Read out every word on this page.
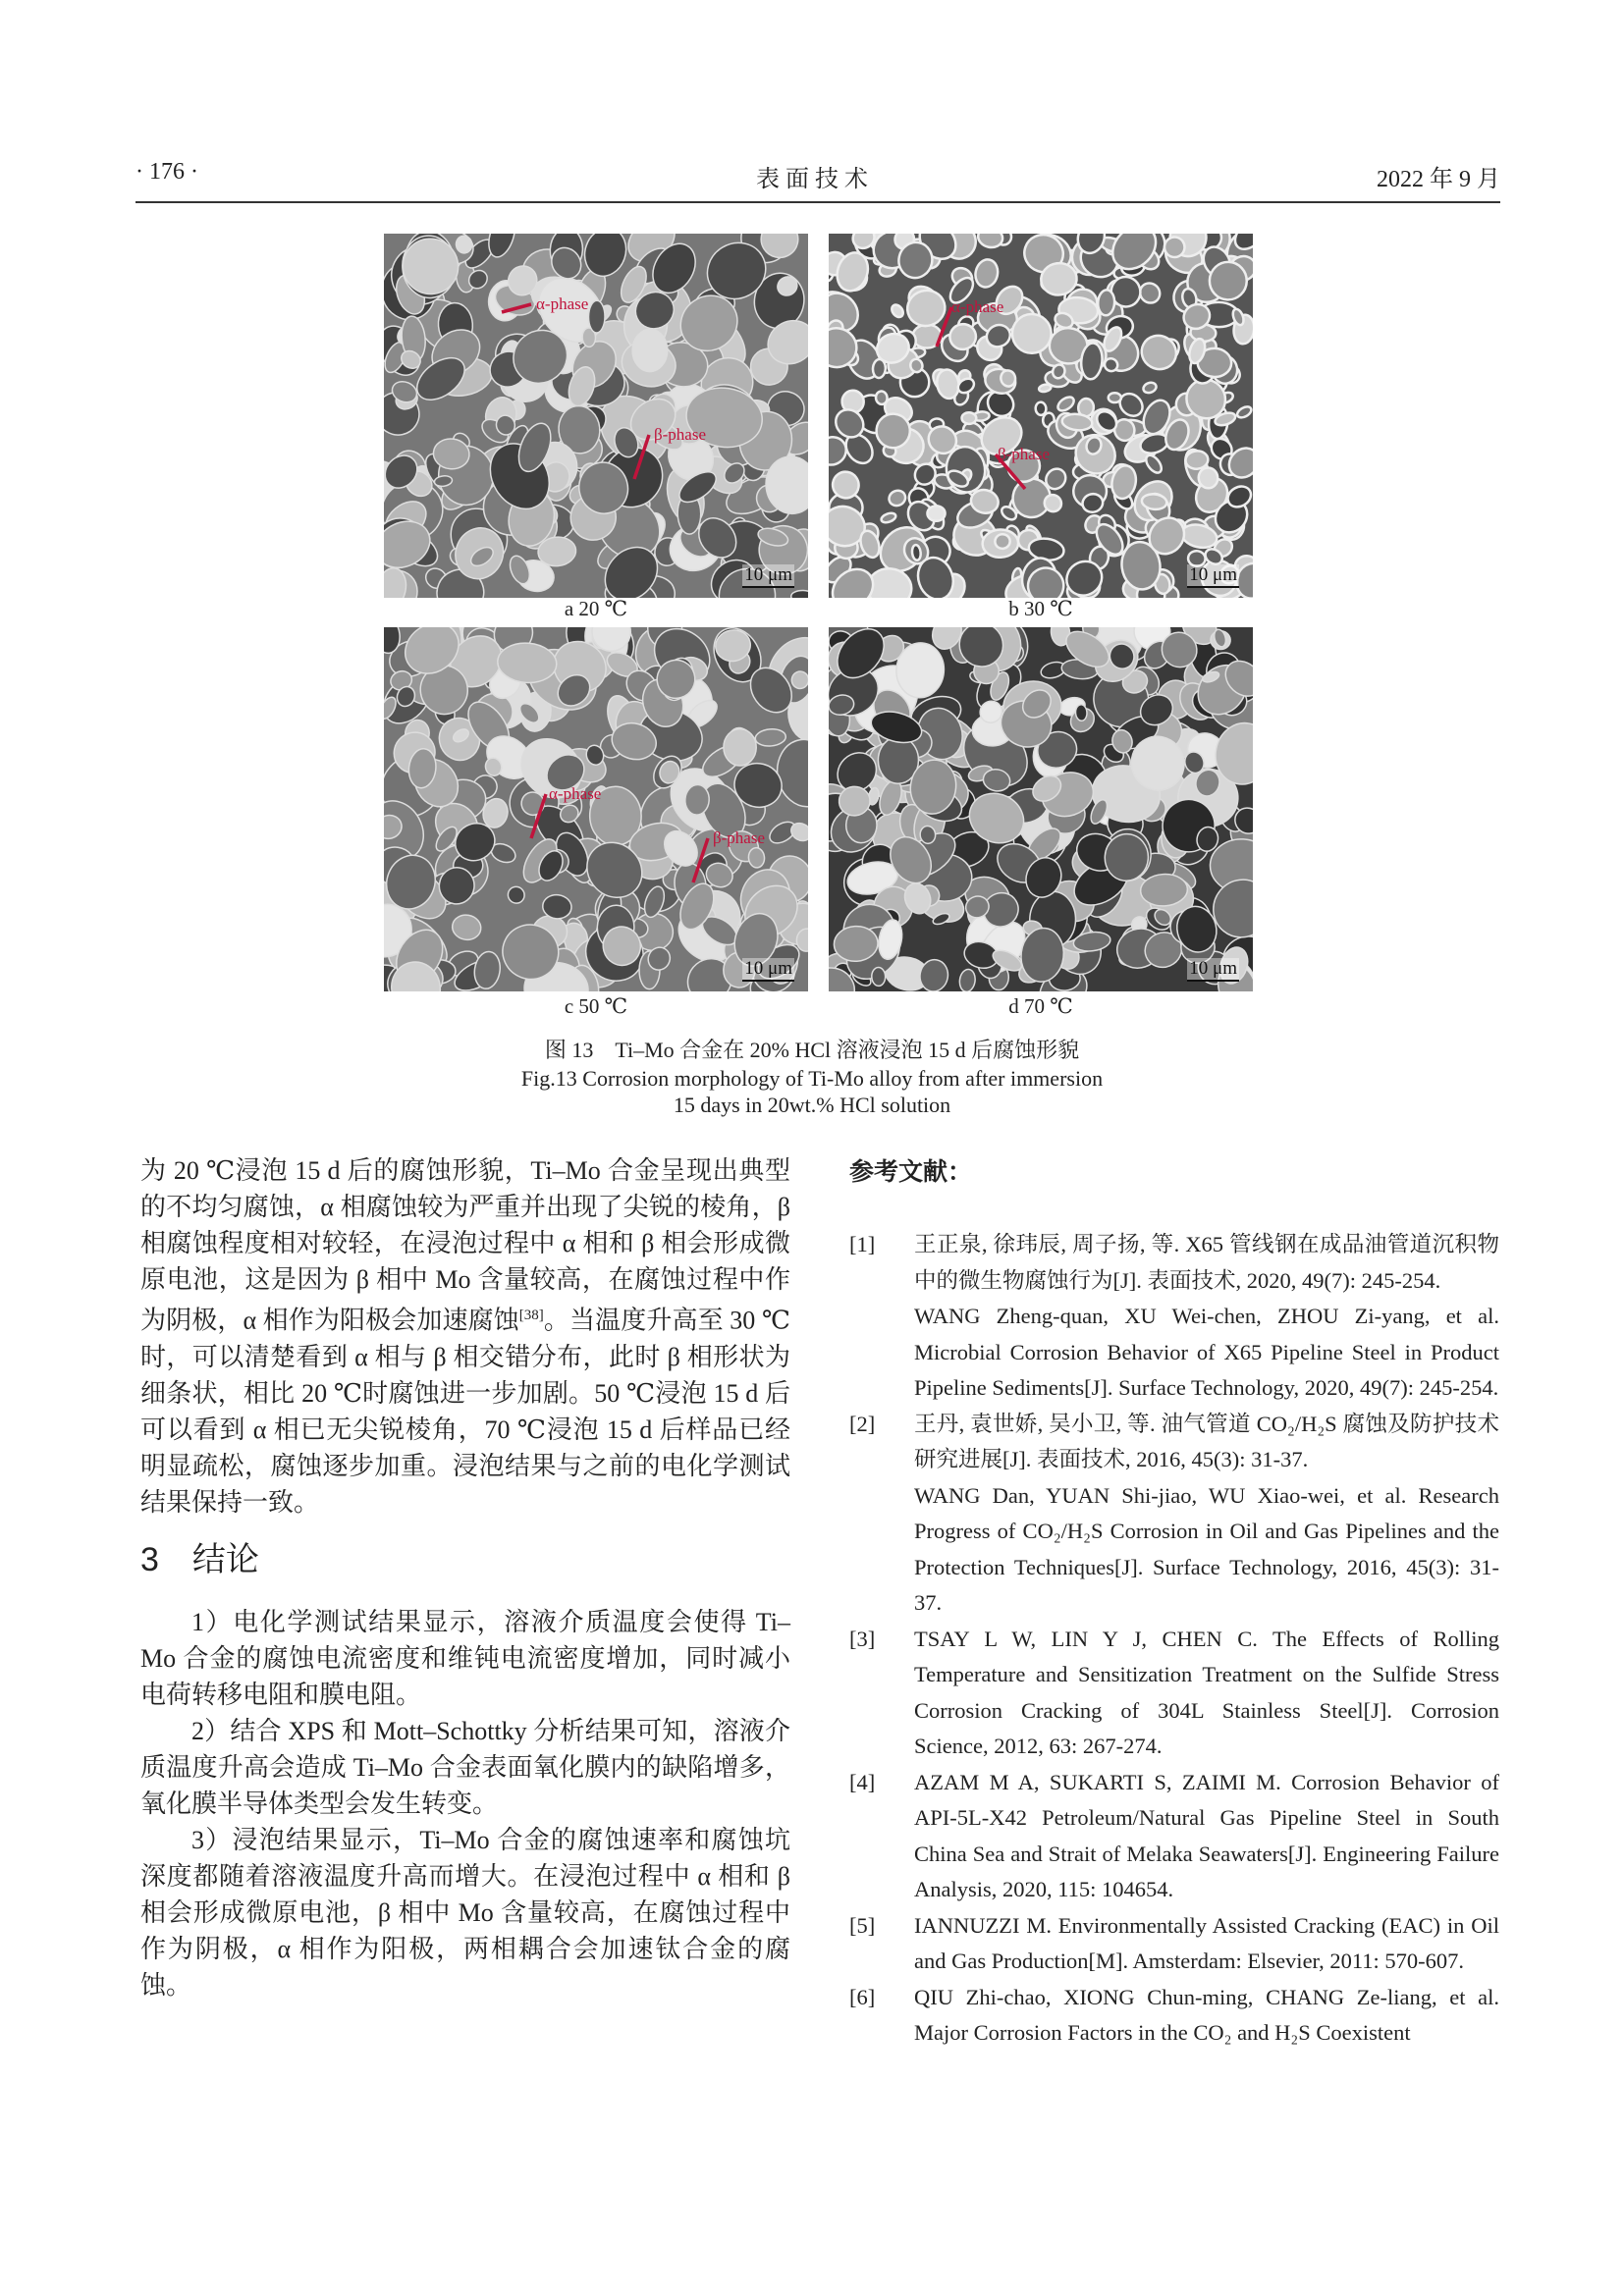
· 176 ·	表 面 技 术	2022 年 9 月
α-phase
β-phase
10 μm
α-phase
β-phase
10 μm
α-phase
β-phase
10 μm	10 μm
a 20 ℃	b 30 ℃
c 50 ℃	d 70 ℃
图 13　Ti–Mo 合金在 20% HCl 溶液浸泡 15 d 后腐蚀形貌
Fig.13 Corrosion morphology of Ti-Mo alloy from after immersion
15 days in 20wt.% HCl solution

为 20 ℃浸泡 15 d 后的腐蚀形貌，Ti–Mo 合金呈现出典型的不均匀腐蚀，α 相腐蚀较为严重并出现了尖锐的棱角，β 相腐蚀程度相对较轻，在浸泡过程中 α 相和 β 相会形成微原电池，这是因为 β 相中 Mo 含量较高，在腐蚀过程中作为阴极，α 相作为阳极会加速腐蚀[38]。当温度升高至 30 ℃时，可以清楚看到 α 相与 β 相交错分布，此时 β 相形状为细条状，相比 20 ℃时腐蚀进一步加剧。50 ℃浸泡 15 d 后可以看到 α 相已无尖锐棱角，70 ℃浸泡 15 d 后样品已经明显疏松，腐蚀逐步加重。浸泡结果与之前的电化学测试结果保持一致。

3　结论

1）电化学测试结果显示，溶液介质温度会使得 Ti–Mo 合金的腐蚀电流密度和维钝电流密度增加，同时减小电荷转移电阻和膜电阻。

2）结合 XPS 和 Mott–Schottky 分析结果可知，溶液介质温度升高会造成 Ti–Mo 合金表面氧化膜内的缺陷增多，氧化膜半导体类型会发生转变。

3）浸泡结果显示，Ti–Mo 合金的腐蚀速率和腐蚀坑深度都随着溶液温度升高而增大。在浸泡过程中 α 相和 β 相会形成微原电池，β 相中 Mo 含量较高，在腐蚀过程中作为阴极，α 相作为阳极，两相耦合会加速钛合金的腐蚀。

参考文献：
[1] 王正泉, 徐玮辰, 周子扬, 等. X65 管线钢在成品油管道沉积物中的微生物腐蚀行为[J]. 表面技术, 2020, 49(7): 245-254.
WANG Zheng-quan, XU Wei-chen, ZHOU Zi-yang, et al. Microbial Corrosion Behavior of X65 Pipeline Steel in Product Pipeline Sediments[J]. Surface Technology, 2020, 49(7): 245-254.
[2] 王丹, 袁世娇, 吴小卫, 等. 油气管道 CO₂/H₂S 腐蚀及防护技术研究进展[J]. 表面技术, 2016, 45(3): 31-37.
WANG Dan, YUAN Shi-jiao, WU Xiao-wei, et al. Research Progress of CO₂/H₂S Corrosion in Oil and Gas Pipelines and the Protection Techniques[J]. Surface Technology, 2016, 45(3): 31-37.
[3] TSAY L W, LIN Y J, CHEN C. The Effects of Rolling Temperature and Sensitization Treatment on the Sulfide Stress Corrosion Cracking of 304L Stainless Steel[J]. Corrosion Science, 2012, 63: 267-274.
[4] AZAM M A, SUKARTI S, ZAIMI M. Corrosion Behavior of API-5L-X42 Petroleum/Natural Gas Pipeline Steel in South China Sea and Strait of Melaka Seawaters[J]. Engineering Failure Analysis, 2020, 115: 104654.
[5] IANNUZZI M. Environmentally Assisted Cracking (EAC) in Oil and Gas Production[M]. Amsterdam: Elsevier, 2011: 570-607.
[6] QIU Zhi-chao, XIONG Chun-ming, CHANG Ze-liang, et al. Major Corrosion Factors in the CO₂ and H₂S Coexistent
